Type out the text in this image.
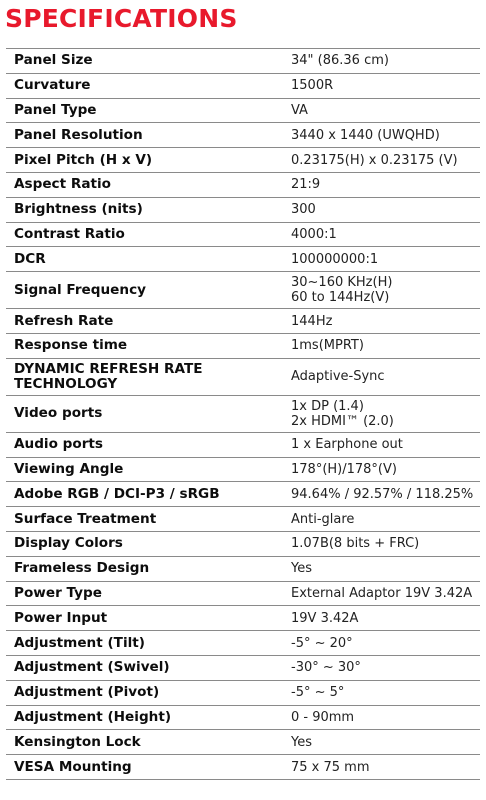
SPECIFICATIONS
Panel Size	34" (86.36 cm)

Curvature	1500R

Panel Type	VA

Panel Resolution	3440 x 1440 (UWQHD)

Pixel Pitch (H x V)	0.23175(H) x 0.23175 (V)

Aspect Ratio	21:9

Brightness (nits)	300

Contrast Ratio	4000:1

DCR	100000000:1

Signal Frequency	30~160 KHz(H)
60 to 144Hz(V)

Refresh Rate	144Hz

Response time	1ms(MPRT)

DYNAMIC REFRESH RATE TECHNOLOGY	Adaptive-Sync

Video ports	1x DP (1.4)
2x HDMI™ (2.0)

Audio ports	1 x Earphone out

Viewing Angle	178°(H)/178°(V)

Adobe RGB / DCI-P3 / sRGB	94.64% / 92.57% / 118.25%

Surface Treatment	Anti-glare

Display Colors	1.07B(8 bits + FRC)

Frameless Design	Yes

Power Type	External Adaptor 19V 3.42A

Power Input	19V 3.42A

Adjustment (Tilt)	-5° ~ 20°

Adjustment (Swivel)	-30° ~ 30°

Adjustment (Pivot)	-5° ~ 5°

Adjustment (Height)	0 - 90mm

Kensington Lock	Yes

VESA Mounting	75 x 75 mm
